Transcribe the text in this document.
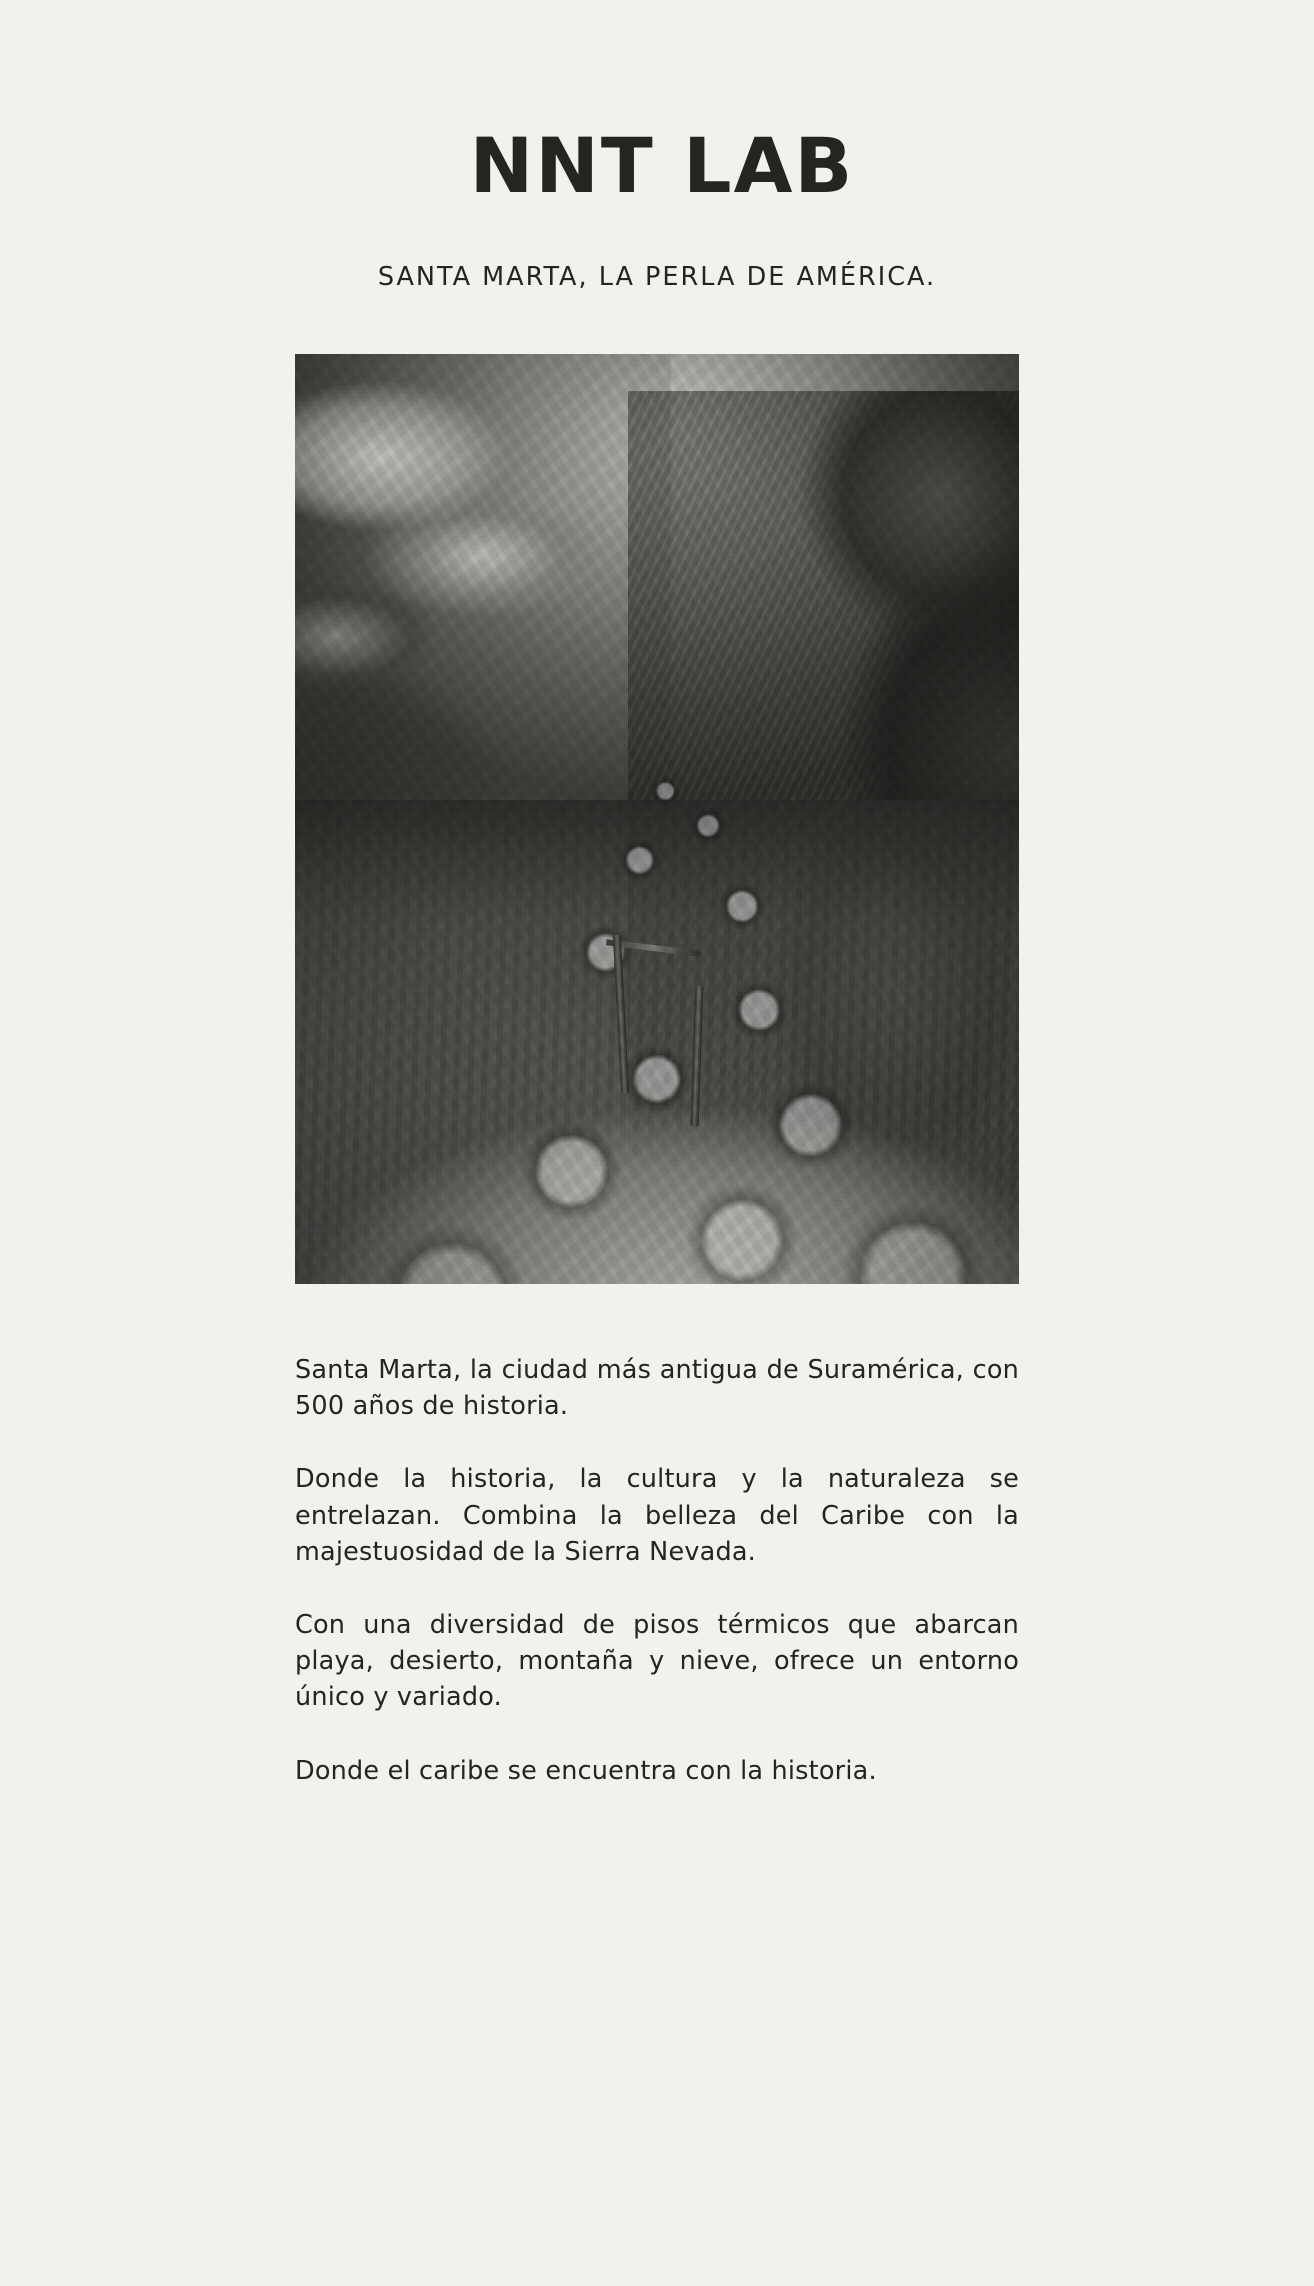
NNT LAB
SANTA MARTA, LA PERLA DE AMÉRICA.

Santa Marta, la ciudad más antigua de Suramérica, con 500 años de historia.

Donde la historia, la cultura y la naturaleza se entrelazan. Combina la belleza del Caribe con la majestuosidad de la Sierra Nevada.

Con una diversidad de pisos térmicos que abarcan playa, desierto, montaña y nieve, ofrece un entorno único y variado.

Donde el caribe se encuentra con la historia.
